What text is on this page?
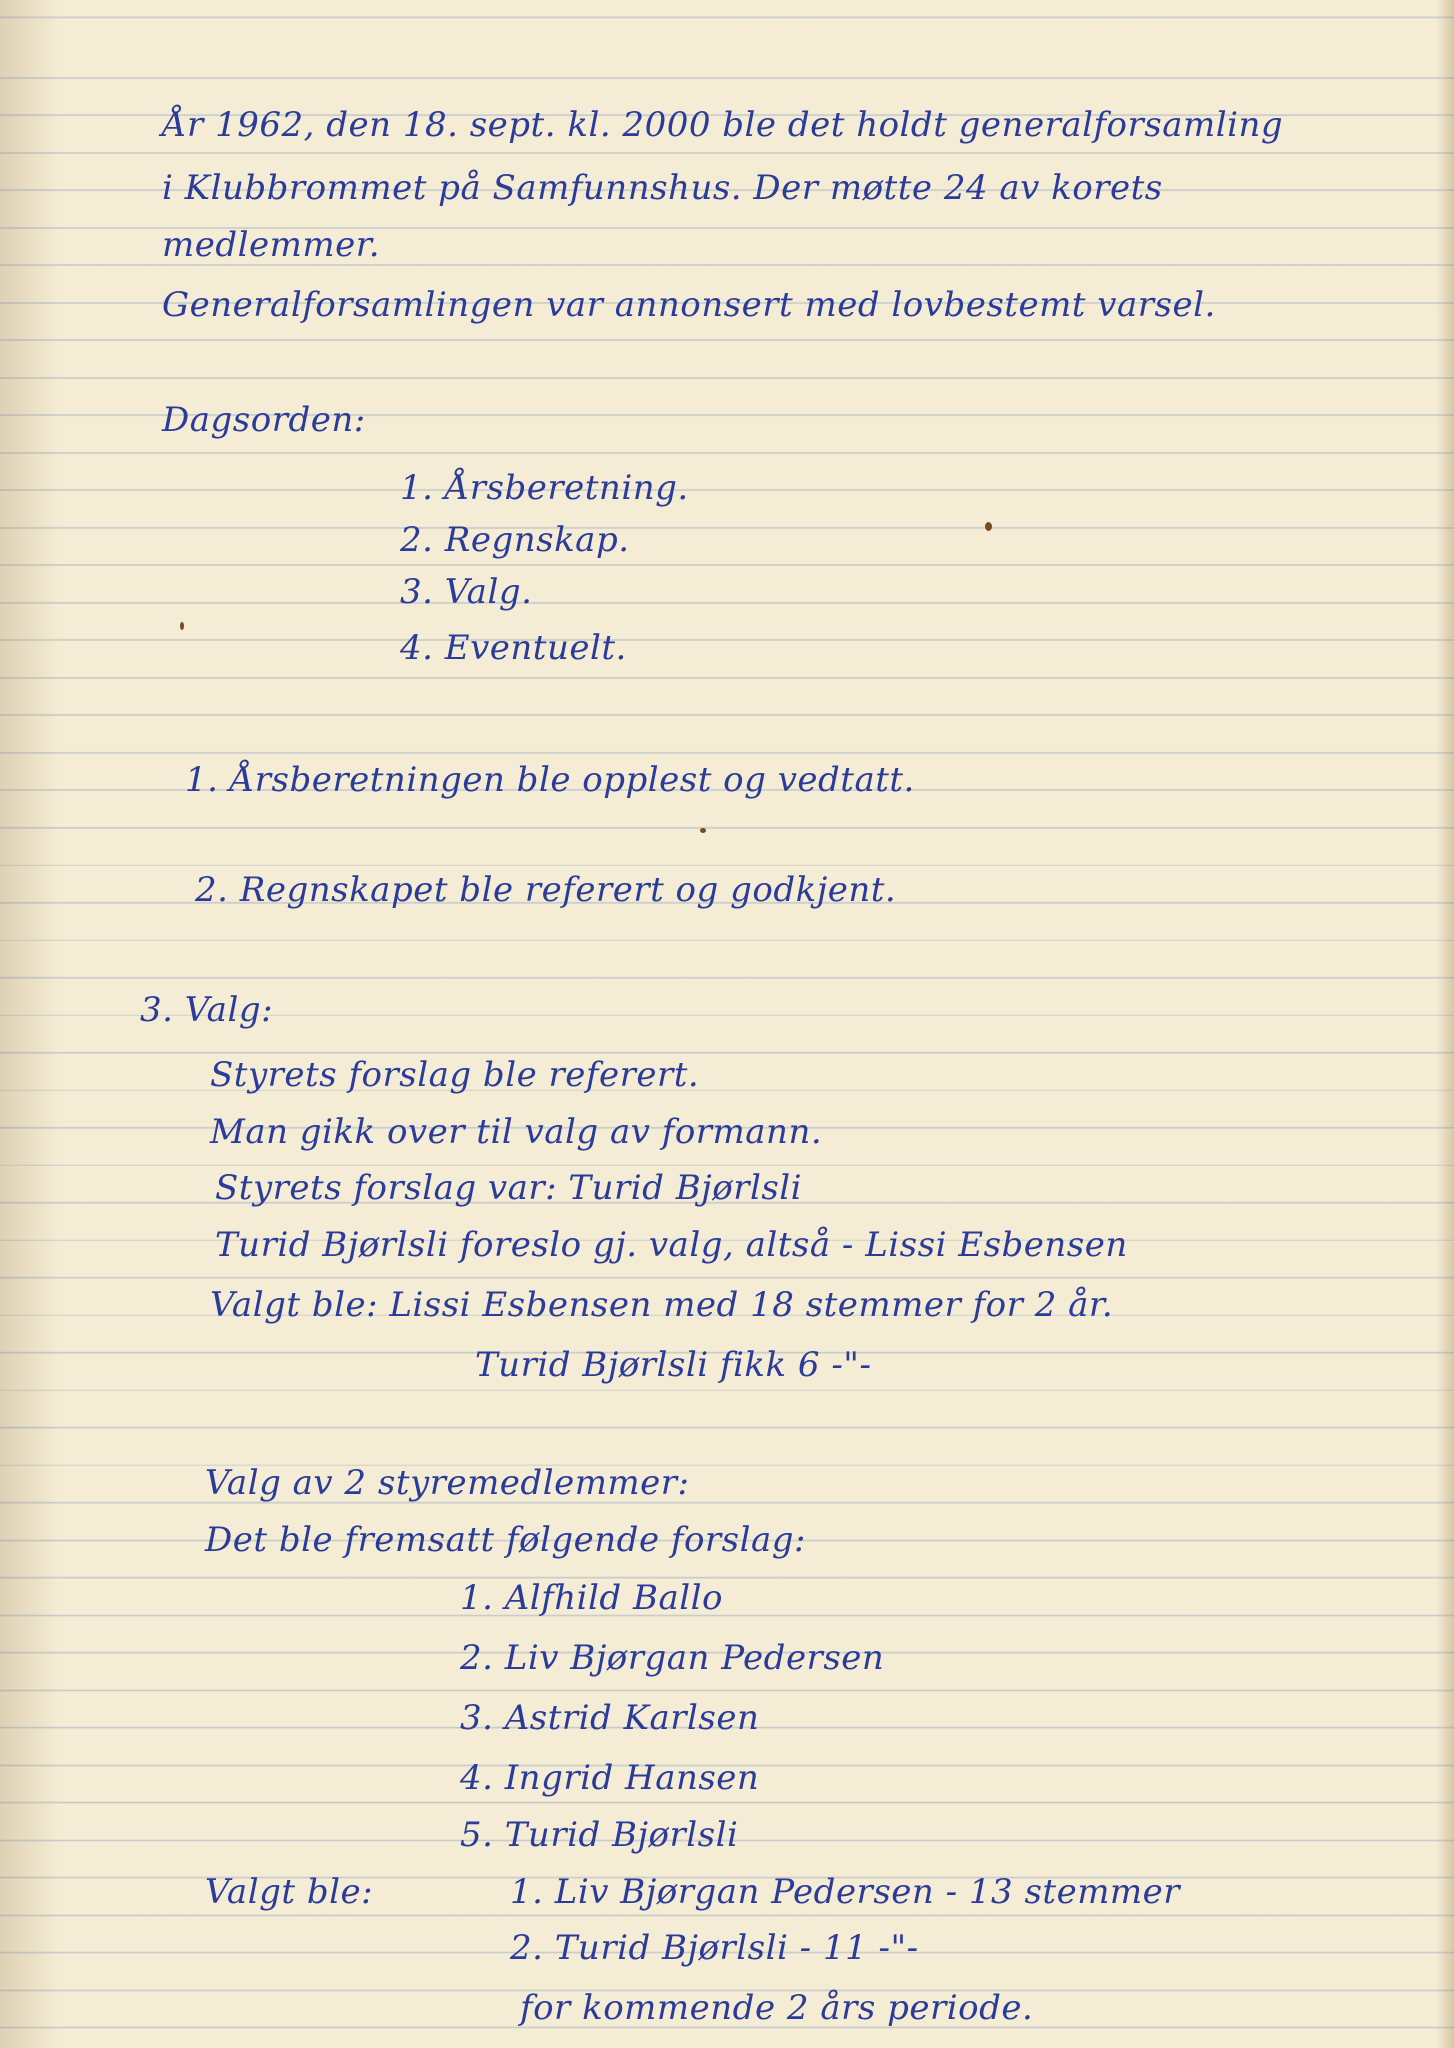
År 1962, den 18. sept. kl. 2000 ble det holdt generalforsamling
i Klubbrommet på Samfunnshus. Der møtte 24 av korets
medlemmer.
Generalforsamlingen var annonsert med lovbestemt varsel.
Dagsorden:
1. Årsberetning.
2. Regnskap.
3. Valg.
4. Eventuelt.
1. Årsberetningen ble opplest og vedtatt.
2. Regnskapet ble referert og godkjent.
3. Valg:
Styrets forslag ble referert.
Man gikk over til valg av formann.
Styrets forslag var: Turid Bjørlsli
Turid Bjørlsli foreslo gj. valg, altså - Lissi Esbensen
Valgt ble: Lissi Esbensen med 18 stemmer for 2 år.
Turid Bjørlsli fikk 6 -"-
Valg av 2 styremedlemmer:
Det ble fremsatt følgende forslag:
1. Alfhild Ballo
2. Liv Bjørgan Pedersen
3. Astrid Karlsen
4. Ingrid Hansen
5. Turid Bjørlsli
Valgt ble:	1. Liv Bjørgan Pedersen - 13 stemmer
2. Turid Bjørlsli - 11 -"-
for kommende 2 års periode.
